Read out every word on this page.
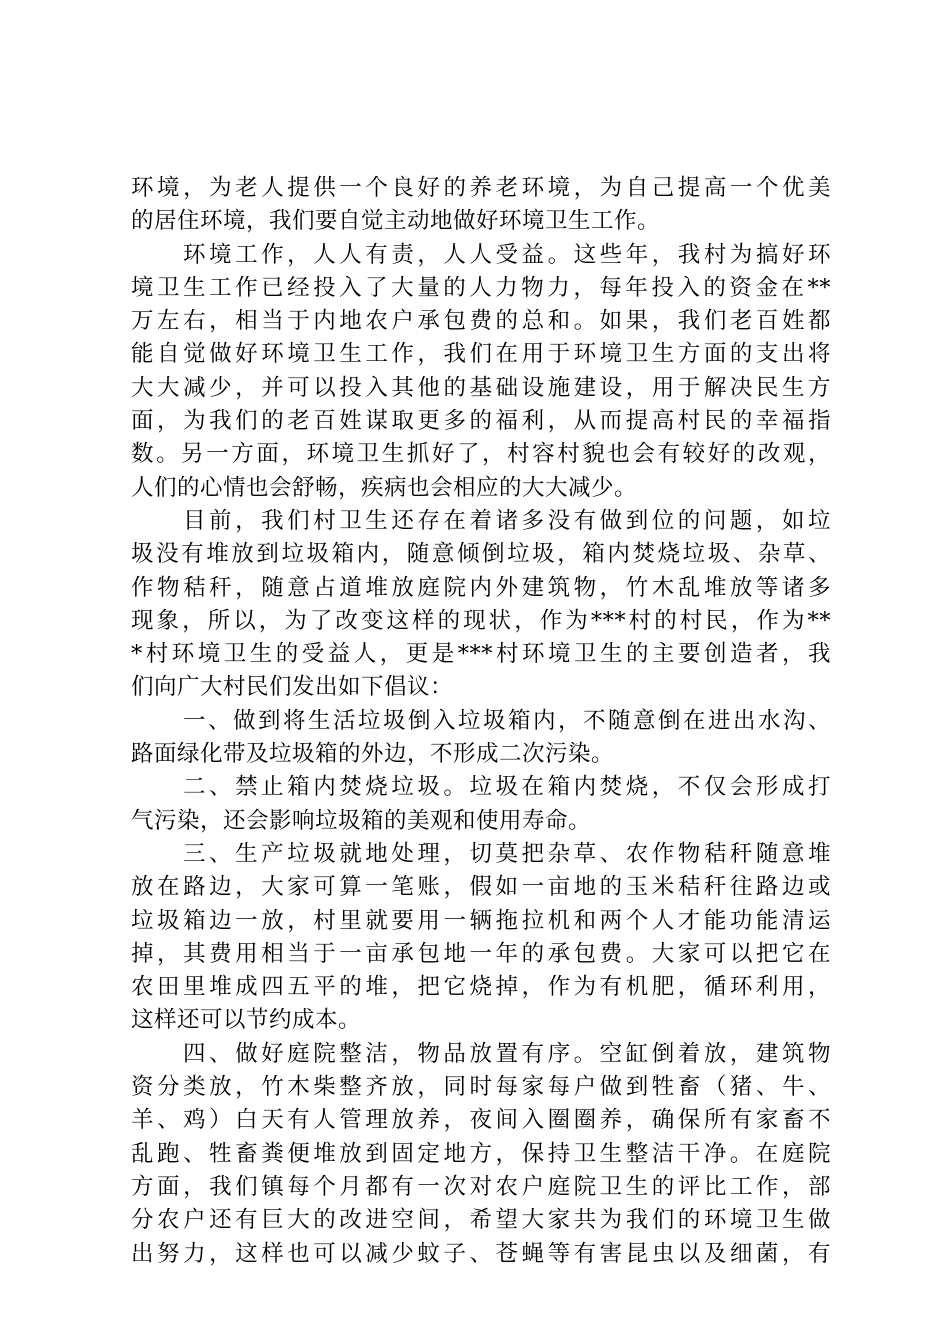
环境，为老人提供一个良好的养老环境，为自己提高一个优美
的居住环境，我们要自觉主动地做好环境卫生工作。
环境工作，人人有责，人人受益。这些年，我村为搞好环
境卫生工作已经投入了大量的人力物力，每年投入的资金在**
万左右，相当于内地农户承包费的总和。如果，我们老百姓都
能自觉做好环境卫生工作，我们在用于环境卫生方面的支出将
大大减少，并可以投入其他的基础设施建设，用于解决民生方
面，为我们的老百姓谋取更多的福利，从而提高村民的幸福指
数。另一方面，环境卫生抓好了，村容村貌也会有较好的改观，
人们的心情也会舒畅，疾病也会相应的大大减少。
目前，我们村卫生还存在着诸多没有做到位的问题，如垃
圾没有堆放到垃圾箱内，随意倾倒垃圾，箱内焚烧垃圾、杂草、
作物秸秆，随意占道堆放庭院内外建筑物，竹木乱堆放等诸多
现象，所以，为了改变这样的现状，作为***村的村民，作为**
*村环境卫生的受益人，更是***村环境卫生的主要创造者，我
们向广大村民们发出如下倡议：
一、做到将生活垃圾倒入垃圾箱内，不随意倒在进出水沟、
路面绿化带及垃圾箱的外边，不形成二次污染。
二、禁止箱内焚烧垃圾。垃圾在箱内焚烧，不仅会形成打
气污染，还会影响垃圾箱的美观和使用寿命。
三、生产垃圾就地处理，切莫把杂草、农作物秸秆随意堆
放在路边，大家可算一笔账，假如一亩地的玉米秸秆往路边或
垃圾箱边一放，村里就要用一辆拖拉机和两个人才能功能清运
掉，其费用相当于一亩承包地一年的承包费。大家可以把它在
农田里堆成四五平的堆，把它烧掉，作为有机肥，循环利用，
这样还可以节约成本。
四、做好庭院整洁，物品放置有序。空缸倒着放，建筑物
资分类放，竹木柴整齐放，同时每家每户做到牲畜（猪、牛、
羊、鸡）白天有人管理放养，夜间入圈圈养，确保所有家畜不
乱跑、牲畜粪便堆放到固定地方，保持卫生整洁干净。在庭院
方面，我们镇每个月都有一次对农户庭院卫生的评比工作，部
分农户还有巨大的改进空间，希望大家共为我们的环境卫生做
出努力，这样也可以减少蚊子、苍蝇等有害昆虫以及细菌，有
